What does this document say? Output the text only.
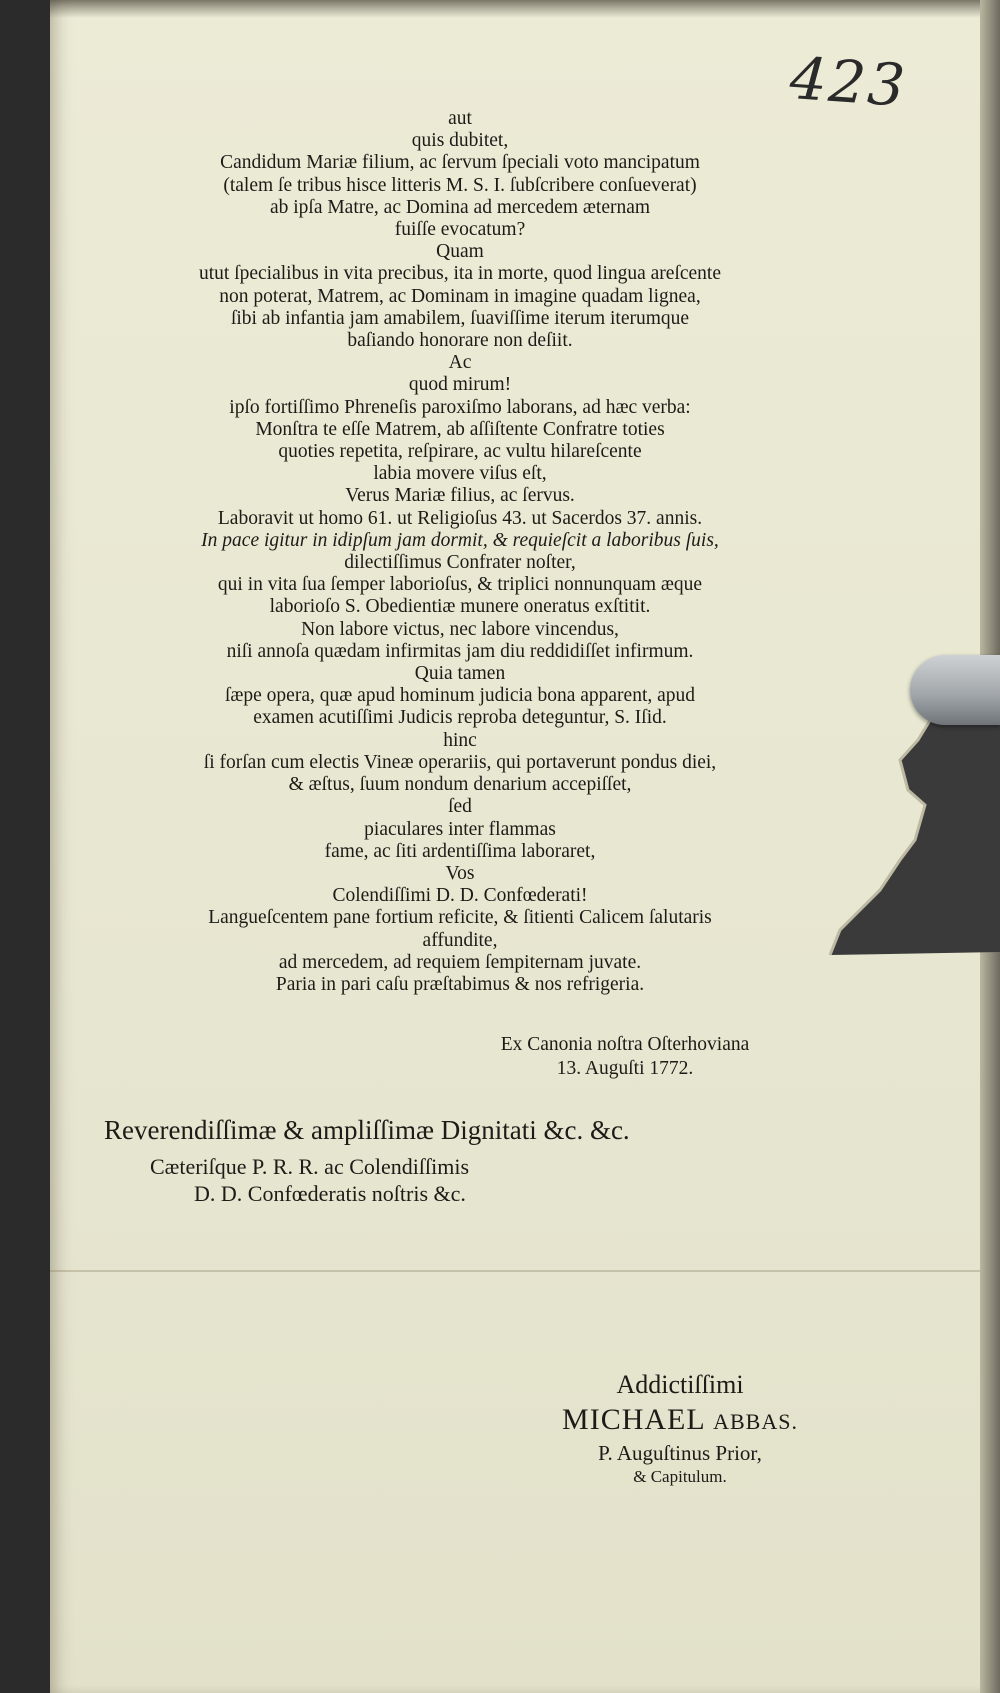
423
aut
quis dubitet,
Candidum Mariæ filium, ac ſervum ſpeciali voto mancipatum
(talem ſe tribus hisce litteris M. S. I. ſubſcribere conſueverat)
ab ipſa Matre, ac Domina ad mercedem æternam
fuiſſe evocatum?
Quam
utut ſpecialibus in vita precibus, ita in morte, quod lingua areſcente
non poterat, Matrem, ac Dominam in imagine quadam lignea,
ſibi ab infantia jam amabilem, ſuaviſſime iterum iterumque
baſiando honorare non deſiit.
Ac
quod mirum!
ipſo fortiſſimo Phreneſis paroxiſmo laborans, ad hæc verba:
Monſtra te eſſe Matrem, ab aſſiſtente Confratre toties
quoties repetita, reſpirare, ac vultu hilareſcente
labia movere viſus eſt,
Verus Mariæ filius, ac ſervus.
Laboravit ut homo 61. ut Religioſus 43. ut Sacerdos 37. annis.
In pace igitur in idipſum jam dormit, & requieſcit a laboribus ſuis,
dilectiſſimus Confrater noſter,
qui in vita ſua ſemper laborioſus, & triplici nonnunquam æque
laborioſo S. Obedientiæ munere oneratus exſtitit.
Non labore victus, nec labore vincendus,
niſi annoſa quædam infirmitas jam diu reddidiſſet infirmum.
Quia tamen
ſæpe opera, quæ apud hominum judicia bona apparent, apud
examen acutiſſimi Judicis reproba deteguntur, S. Iſid.
hinc
ſi forſan cum electis Vineæ operariis, qui portaverunt pondus diei,
& æſtus, ſuum nondum denarium accepiſſet,
ſed
piaculares inter flammas
fame, ac ſiti ardentiſſima laboraret,
Vos
Colendiſſimi D. D. Confœderati!
Langueſcentem pane fortium reficite, & ſitienti Calicem ſalutaris
affundite,
ad mercedem, ad requiem ſempiternam juvate.
Paria in pari caſu præſtabimus & nos refrigeria.
Ex Canonia noſtra Oſterhoviana
13. Auguſti 1772.
Reverendiſſimæ & ampliſſimæ Dignitati &c. &c.
Cæteriſque P. R. R. ac Colendiſſimis
D. D. Confœderatis noſtris &c.
Addictiſſimi
MICHAEL ABBAS.
P. Auguſtinus Prior,
& Capitulum.
